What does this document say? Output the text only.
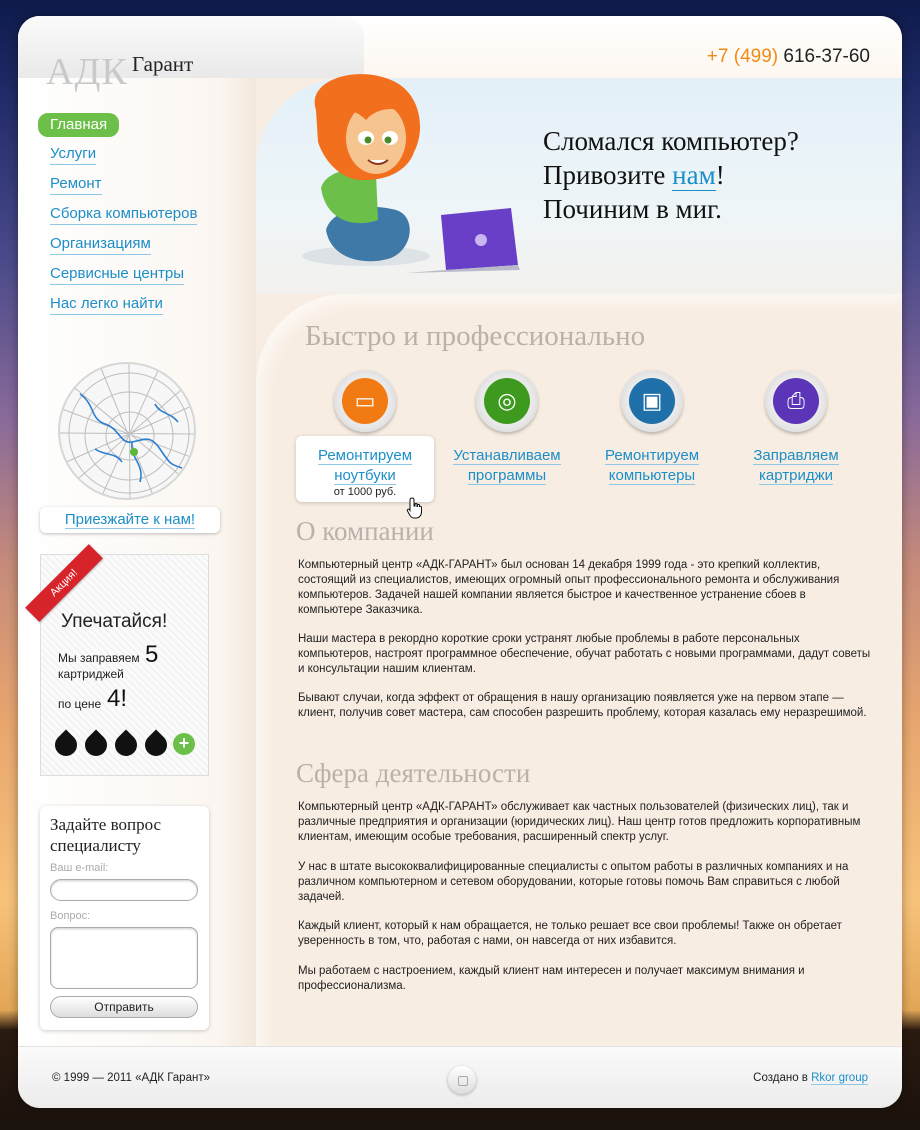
АДК Гарант	+7 (499) 616-37-60
Главная
Услуги
Ремонт
Сборка компьютеров
Организациям
Сервисные центры
Нас легко найти
Приезжайте к нам!
Акция!
Упечатайся!
Мы заправяем 5
картриджей
по цене 4!
+
Задайте вопрос специалисту
Ваш e-mail:
Вопрос:
Отправить
Сломался компьютер?
Привозите нам!
Починим в миг.
Быстро и профессионально
▭
Ремонтируем
ноутбуки
от 1000 руб.
◎
Устанавливаем
программы
▣
Ремонтируем
компьютеры
⎙
Заправляем
картриджи
О компании
Компьютерный центр «АДК-ГАРАНТ» был основан 14 декабря 1999 года - это крепкий коллектив, состоящий из специалистов, имеющих огромный опыт профессионального ремонта и обслуживания компьютеров. Задачей нашей компании является быстрое и качественное устранение сбоев в компьютере Заказчика.
Наши мастера в рекордно короткие сроки устранят любые проблемы в работе персональных компьютеров, настроят программное обеспечение, обучат работать с новыми программами, дадут советы и консультации нашим клиентам.
Бывают случаи, когда эффект от обращения в нашу организацию появляется уже на первом этапе — клиент, получив совет мастера, сам способен разрешить проблему, которая казалась ему неразрешимой.
Сфера деятельности
Компьютерный центр «АДК-ГАРАНТ» обслуживает как частных пользователей (физических лиц), так и различные предприятия и организации (юридических лиц). Наш центр готов предложить корпоративным клиентам, имеющим особые требования, расширенный спектр услуг.
У нас в штате высококвалифицированные специалисты с опытом работы в различных компаниях и на различном компьютерном и сетевом оборудовании, которые готовы помочь Вам справиться с любой задачей.
Каждый клиент, который к нам обращается, не только решает все свои проблемы! Также он обретает уверенность в том, что, работая с нами, он навсегда от них избавится.
Мы работаем с настроением, каждый клиент нам интересен и получает максимум внимания и профессионализма.
© 1999 — 2011 «АДК Гарант»	Создано в Rkor group
